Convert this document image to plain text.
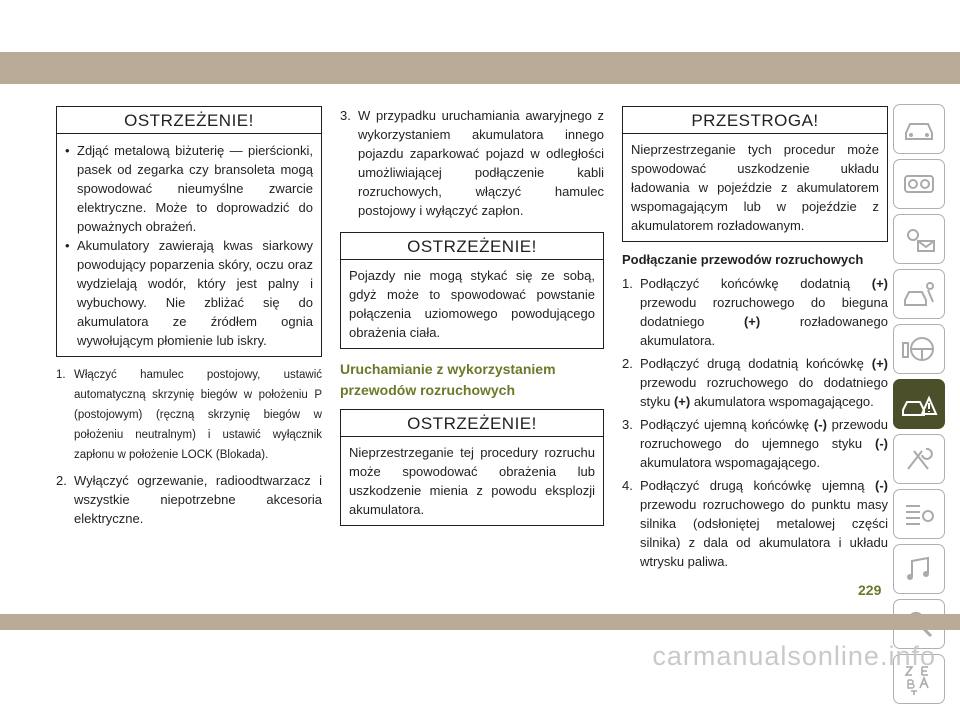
OSTRZEŻENIE!
• Zdjąć metalową biżuterię — pierścionki, pasek od zegarka czy bransoleta mogą spowodować nieumyślne zwarcie elektryczne. Może to doprowadzić do poważnych obrażeń.
• Akumulatory zawierają kwas siarkowy powodujący poparzenia skóry, oczu oraz wydzielają wodór, który jest palny i wybuchowy. Nie zbliżać się do akumulatora ze źródłem ognia wywołującym płomienie lub iskry.
1. Włączyć hamulec postojowy, ustawić automatyczną skrzynię biegów w położeniu P (postojowym) (ręczną skrzynię biegów w położeniu neutralnym) i ustawić wyłącznik zapłonu w położenie LOCK (Blokada).
2. Wyłączyć ogrzewanie, radioodtwarzacz i wszystkie niepotrzebne akcesoria elektryczne.
3. W przypadku uruchamiania awaryjnego z wykorzystaniem akumulatora innego pojazdu zaparkować pojazd w odległości umożliwiającej podłączenie kabli rozruchowych, włączyć hamulec postojowy i wyłączyć zapłon.
OSTRZEŻENIE!
Pojazdy nie mogą stykać się ze sobą, gdyż może to spowodować powstanie połączenia uziomowego powodującego obrażenia ciała.
Uruchamianie z wykorzystaniem przewodów rozruchowych
OSTRZEŻENIE!
Nieprzestrzeganie tej procedury rozruchu może spowodować obrażenia lub uszkodzenie mienia z powodu eksplozji akumulatora.
PRZESTROGA!
Nieprzestrzeganie tych procedur może spowodować uszkodzenie układu ładowania w pojeździe z akumulatorem wspomagającym lub w pojeździe z akumulatorem rozładowanym.
Podłączanie przewodów rozruchowych
1. Podłączyć końcówkę dodatnią (+) przewodu rozruchowego do bieguna dodatniego (+) rozładowanego akumulatora.
2. Podłączyć drugą dodatnią końcówkę (+) przewodu rozruchowego do dodatniego styku (+) akumulatora wspomagającego.
3. Podłączyć ujemną końcówkę (-) przewodu rozruchowego do ujemnego styku (-) akumulatora wspomagającego.
4. Podłączyć drugą końcówkę ujemną (-) przewodu rozruchowego do punktu masy silnika (odsłoniętej metalowej części silnika) z dala od akumulatora i układu wtrysku paliwa.
229
carmanualsonline.info
